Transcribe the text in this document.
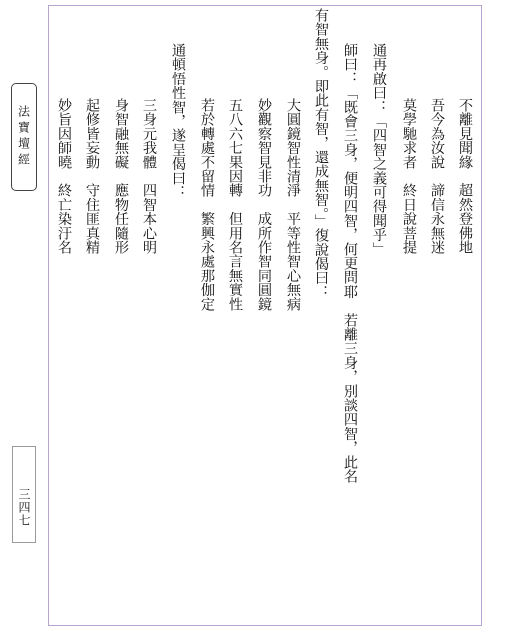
法寶壇經
三四七
不離見聞緣　超然登佛地
吾今為汝說　諦信永無迷
莫學馳求者　終日說菩提
通再啟曰：「四智之義可得聞乎」
師曰：「既會三身，便明四智，何更問耶　若離三身，別談四智，此名
有智無身。即此有智，還成無智。」復說偈曰：
大圓鏡智性清淨　平等性智心無病
妙觀察智見非功　成所作智同圓鏡
五八六七果因轉　但用名言無實性
若於轉處不留情　繁興永處那伽定
通頓悟性智，遂呈偈曰：
三身元我體　四智本心明
身智融無礙　應物任隨形
起修皆妄動　守住匪真精
妙旨因師曉　終亡染汙名
